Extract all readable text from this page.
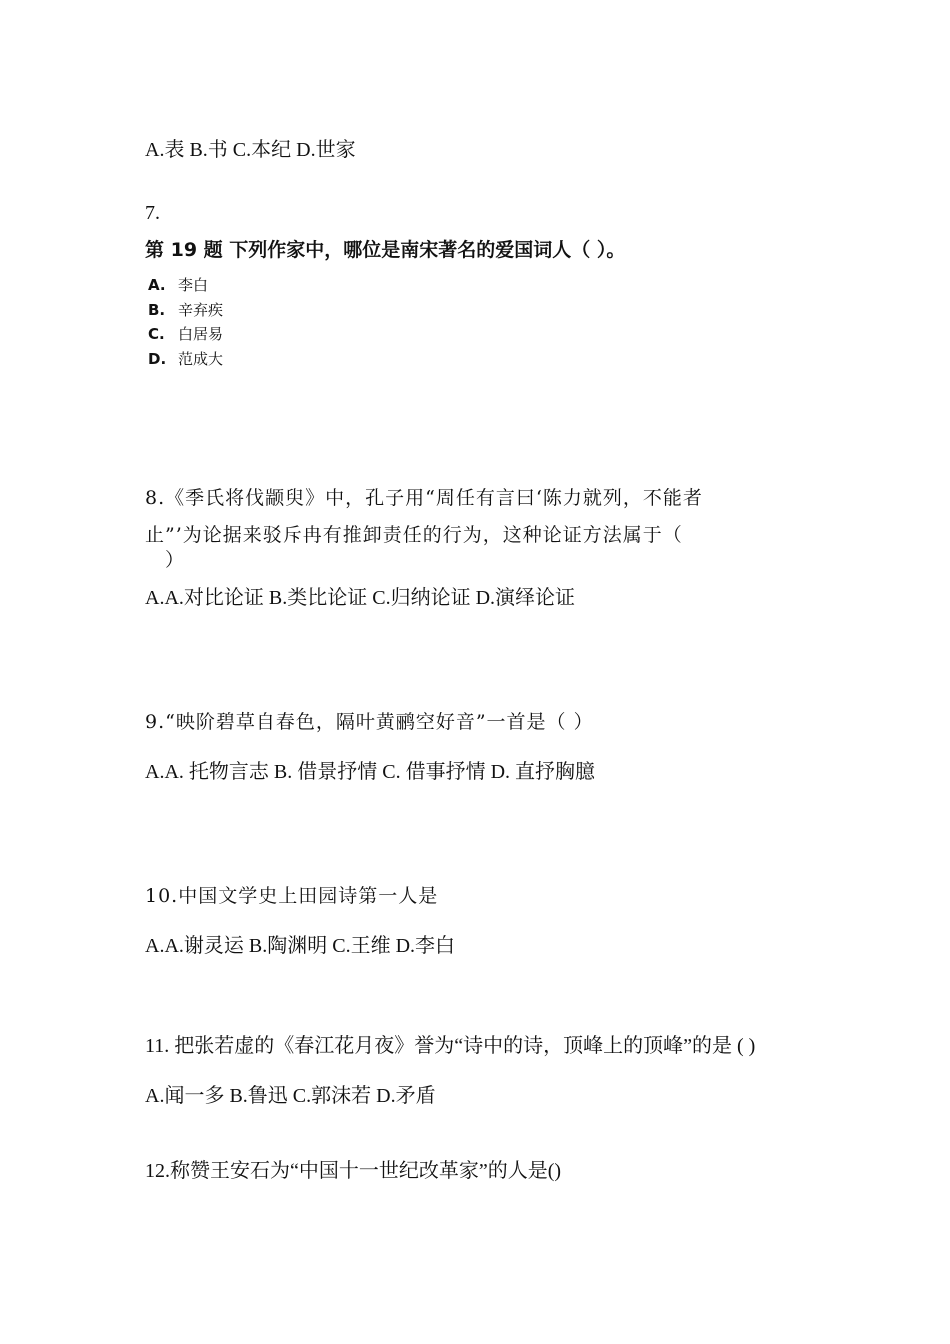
A.表 B.书 C.本纪 D.世家
7.
第 19 题 下列作家中，哪位是南宋著名的爱国词人（ ）。
A. 李白
B. 辛弃疾
C. 白居易
D. 范成大
8.《季氏将伐颛臾》中，孔子用“周任有言曰‘陈力就列，不能者
止”’为论据来驳斥冉有推卸责任的行为，这种论证方法属于（
）
A.A.对比论证 B.类比论证 C.归纳论证 D.演绎论证
9.“映阶碧草自春色，隔叶黄鹂空好音”一首是（ ）
A.A. 托物言志 B. 借景抒情 C. 借事抒情 D. 直抒胸臆
10.中国文学史上田园诗第一人是
A.A.谢灵运 B.陶渊明 C.王维 D.李白
11. 把张若虚的《春江花月夜》誉为“诗中的诗，顶峰上的顶峰”的是 ( )
A.闻一多 B.鲁迅 C.郭沫若 D.矛盾
12.称赞王安石为“中国十一世纪改革家”的人是()
